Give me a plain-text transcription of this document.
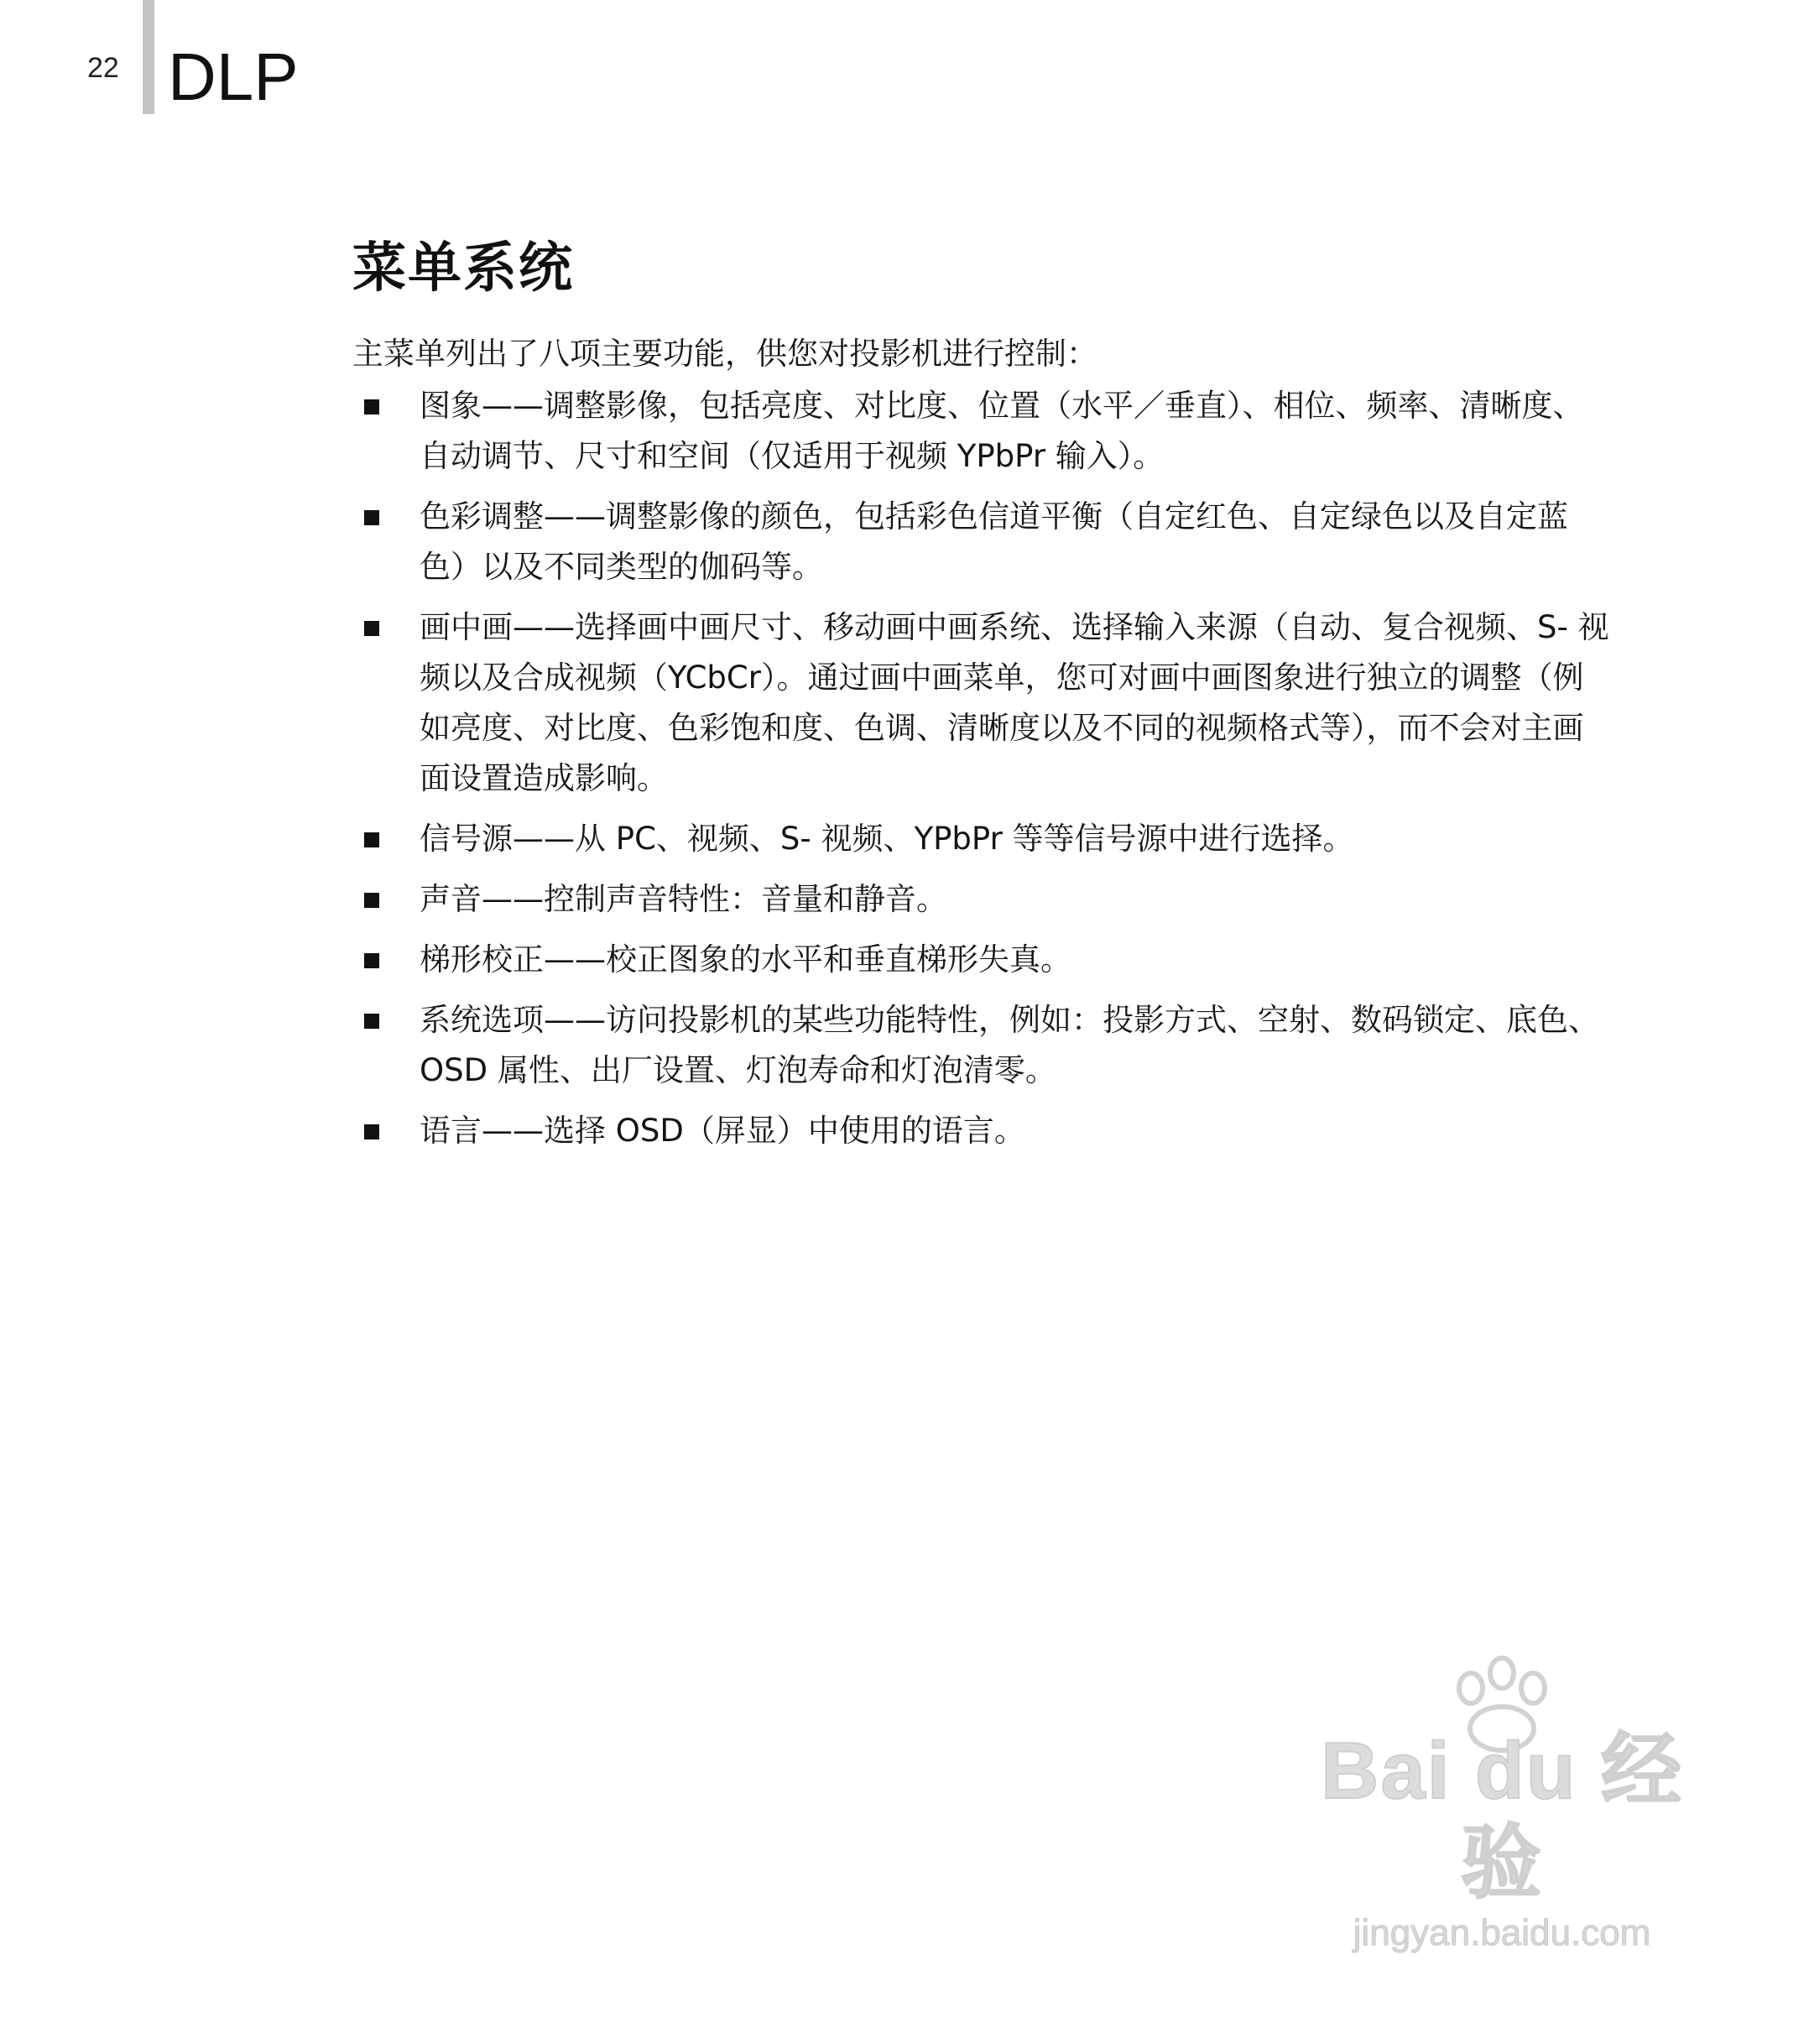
22 DLP
菜单系统

主菜单列出了八项主要功能，供您对投影机进行控制：

图象——调整影像，包括亮度、对比度、位置（水平／垂直）、相位、频率、清晰度、自动调节、尺寸和空间（仅适用于视频 YPbPr 输入）。
色彩调整——调整影像的颜色，包括彩色信道平衡（自定红色、自定绿色以及自定蓝色）以及不同类型的伽码等。
画中画——选择画中画尺寸、移动画中画系统、选择输入来源（自动、复合视频、S- 视频以及合成视频（YCbCr）。通过画中画菜单，您可对画中画图象进行独立的调整（例如亮度、对比度、色彩饱和度、色调、清晰度以及不同的视频格式等），而不会对主画面设置造成影响。
信号源——从 PC、视频、S- 视频、YPbPr 等等信号源中进行选择。
声音——控制声音特性：音量和静音。
梯形校正——校正图象的水平和垂直梯形失真。
系统选项——访问投影机的某些功能特性，例如：投影方式、空射、数码锁定、底色、OSD 属性、出厂设置、灯泡寿命和灯泡清零。
语言——选择 OSD（屏显）中使用的语言。
Bai du 经验
jingyan.baidu.com
